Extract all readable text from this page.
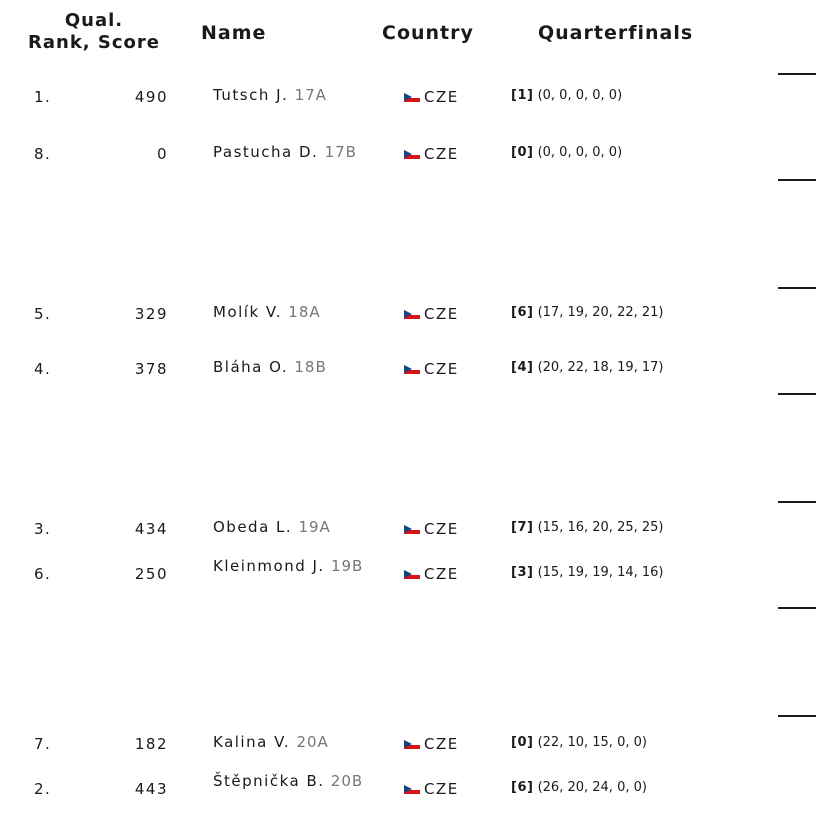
Qual.
Rank, Score Name	Country	Quarterfinals
1.	490	Tutsch J. 17A	CZE	[1] (0, 0, 0, 0, 0)
8.	0	Pastucha D. 17B	CZE	[0] (0, 0, 0, 0, 0)
5.	329	Molík V. 18A	CZE	[6] (17, 19, 20, 22, 21)
4.	378	Bláha O. 18B	CZE	[4] (20, 22, 18, 19, 17)
3.	434	Obeda L. 19A	CZE	[7] (15, 16, 20, 25, 25)
6.	250	Kleinmond J. 19B	CZE	[3] (15, 19, 19, 14, 16)
7.	182	Kalina V. 20A	CZE	[0] (22, 10, 15, 0, 0)
2.	443	Štěpnička B. 20B	CZE	[6] (26, 20, 24, 0, 0)
